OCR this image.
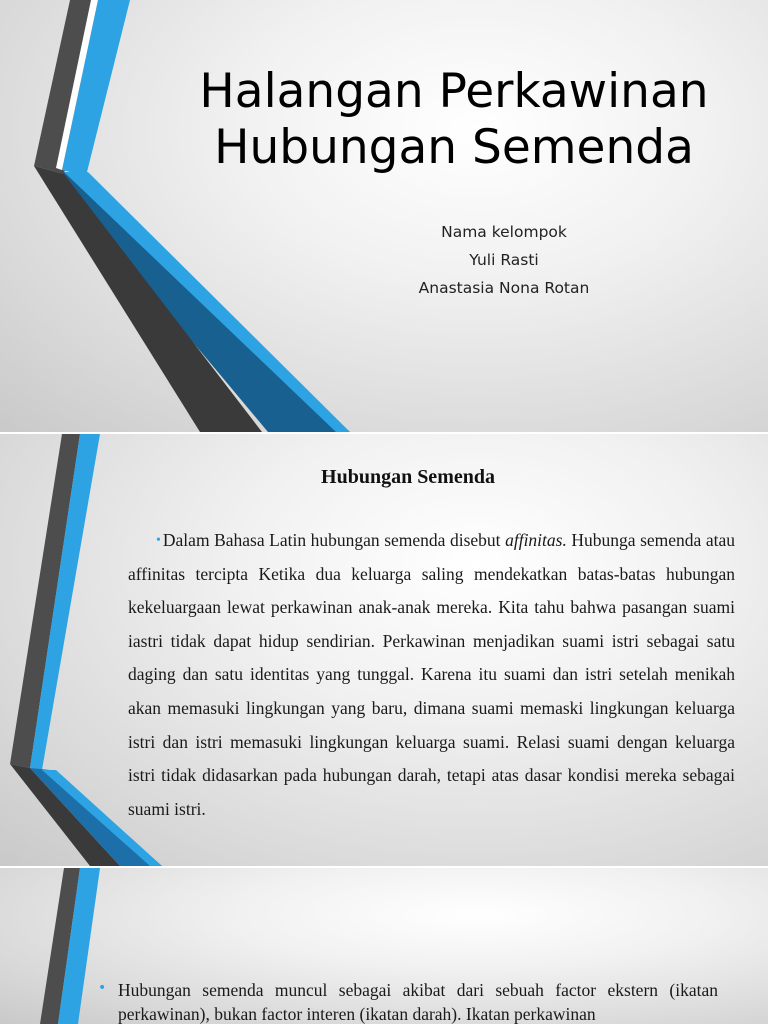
Halangan Perkawinan
Hubungan Semenda
Nama kelompok
Yuli Rasti
Anastasia Nona Rotan
Hubungan Semenda

• Dalam Bahasa Latin hubungan semenda disebut affinitas. Hubunga semenda atau affinitas tercipta Ketika dua keluarga saling mendekatkan batas-batas hubungan kekeluargaan lewat perkawinan anak-anak mereka. Kita tahu bahwa pasangan suami iastri tidak dapat hidup sendirian. Perkawinan menjadikan suami istri sebagai satu daging dan satu identitas yang tunggal. Karena itu suami dan istri setelah menikah akan memasuki lingkungan yang baru, dimana suami memaski lingkungan keluarga istri dan istri memasuki lingkungan keluarga suami. Relasi suami dengan keluarga istri tidak didasarkan pada hubungan darah, tetapi atas dasar kondisi mereka sebagai suami istri.

• Hubungan semenda muncul sebagai akibat dari sebuah factor ekstern (ikatan perkawinan), bukan factor interen (ikatan darah). Ikatan perkawinan
